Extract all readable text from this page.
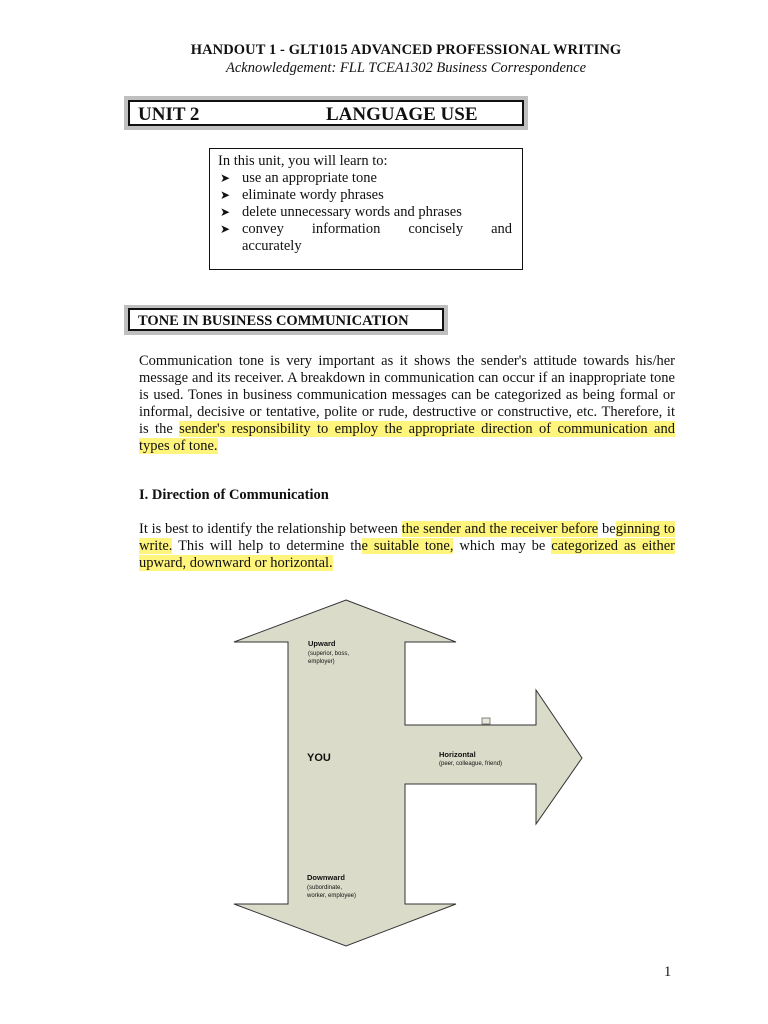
HANDOUT 1 - GLT1015 ADVANCED PROFESSIONAL WRITING
Acknowledgement: FLL TCEA1302 Business Correspondence
UNIT 2	LANGUAGE USE
In this unit, you will learn to:
➤ use an appropriate tone
➤ eliminate wordy phrases
➤ delete unnecessary words and phrases
➤ convey information concisely and
accurately
TONE IN BUSINESS COMMUNICATION
Communication tone is very important as it shows the sender's attitude towards his/her message and its receiver. A breakdown in communication can occur if an inappropriate tone is used. Tones in business communication messages can be categorized as being formal or informal, decisive or tentative, polite or rude, destructive or constructive, etc. Therefore, it is the sender's responsibility to employ the appropriate direction of communication and types of tone.
I. Direction of Communication
It is best to identify the relationship between the sender and the receiver before beginning to write. This will help to determine the suitable tone, which may be categorized as either upward, downward or horizontal.
Upward
(superior, boss,
employer)
YOU	Horizontal
(peer, colleague, friend)
Downward
(subordinate,
worker, employee)
1
